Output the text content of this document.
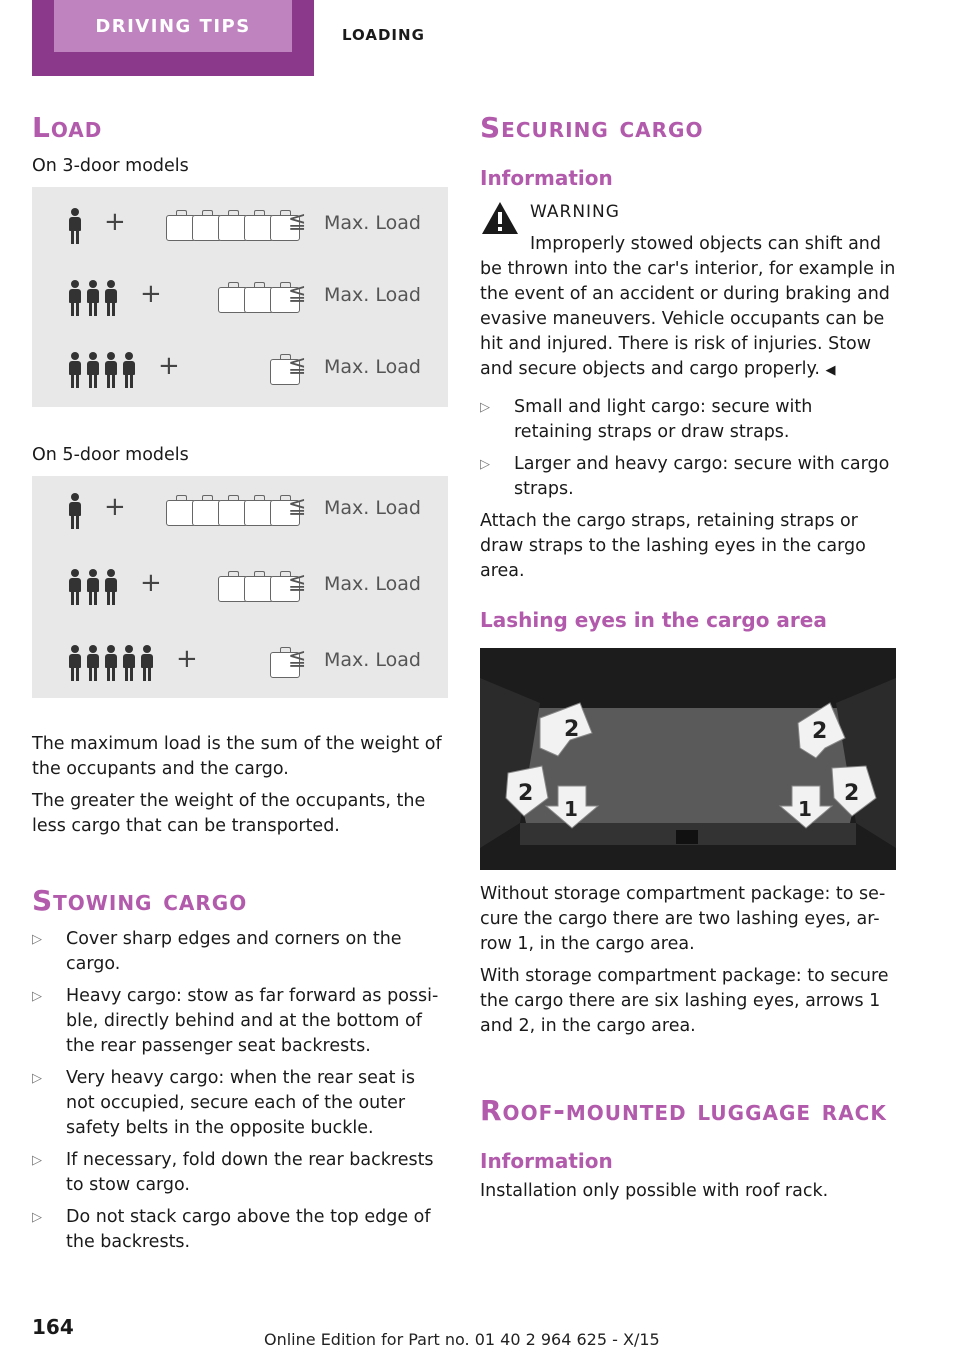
DRIVING TIPS	LOADING
Load
On 3-door models
+	≦ Max. Load
+	≦ Max. Load
+	≦ Max. Load
On 5-door models
+	≦ Max. Load
+	≦ Max. Load
+	≦ Max. Load
The maximum load is the sum of the weight of the occupants and the cargo.
The greater the weight of the occupants, the less cargo that can be transported.
Stowing cargo
▷ Cover sharp edges and corners on the cargo.
▷ Heavy cargo: stow as far forward as possi-ble, directly behind and at the bottom of the rear passenger seat backrests.
▷ Very heavy cargo: when the rear seat is not occupied, secure each of the outer safety belts in the opposite buckle.
▷ If necessary, fold down the rear backrests to stow cargo.
▷ Do not stack cargo above the top edge of the backrests.
Securing cargo
Information
WARNING
Improperly stowed objects can shift and be thrown into the car's interior, for example in the event of an accident or during braking and evasive maneuvers. Vehicle occupants can be hit and injured. There is risk of injuries. Stow and secure objects and cargo properly. ◀
▷ Small and light cargo: secure with retaining straps or draw straps.
▷ Larger and heavy cargo: secure with cargo straps.
Attach the cargo straps, retaining straps or draw straps to the lashing eyes in the cargo area.
Lashing eyes in the cargo area
2	2
2
1	1
2
Without storage compartment package: to se-cure the cargo there are two lashing eyes, ar-row 1, in the cargo area.
With storage compartment package: to secure the cargo there are six lashing eyes, arrows 1 and 2, in the cargo area.
Roof-mounted luggage rack
Information
Installation only possible with roof rack.
164
Online Edition for Part no. 01 40 2 964 625 - X/15
